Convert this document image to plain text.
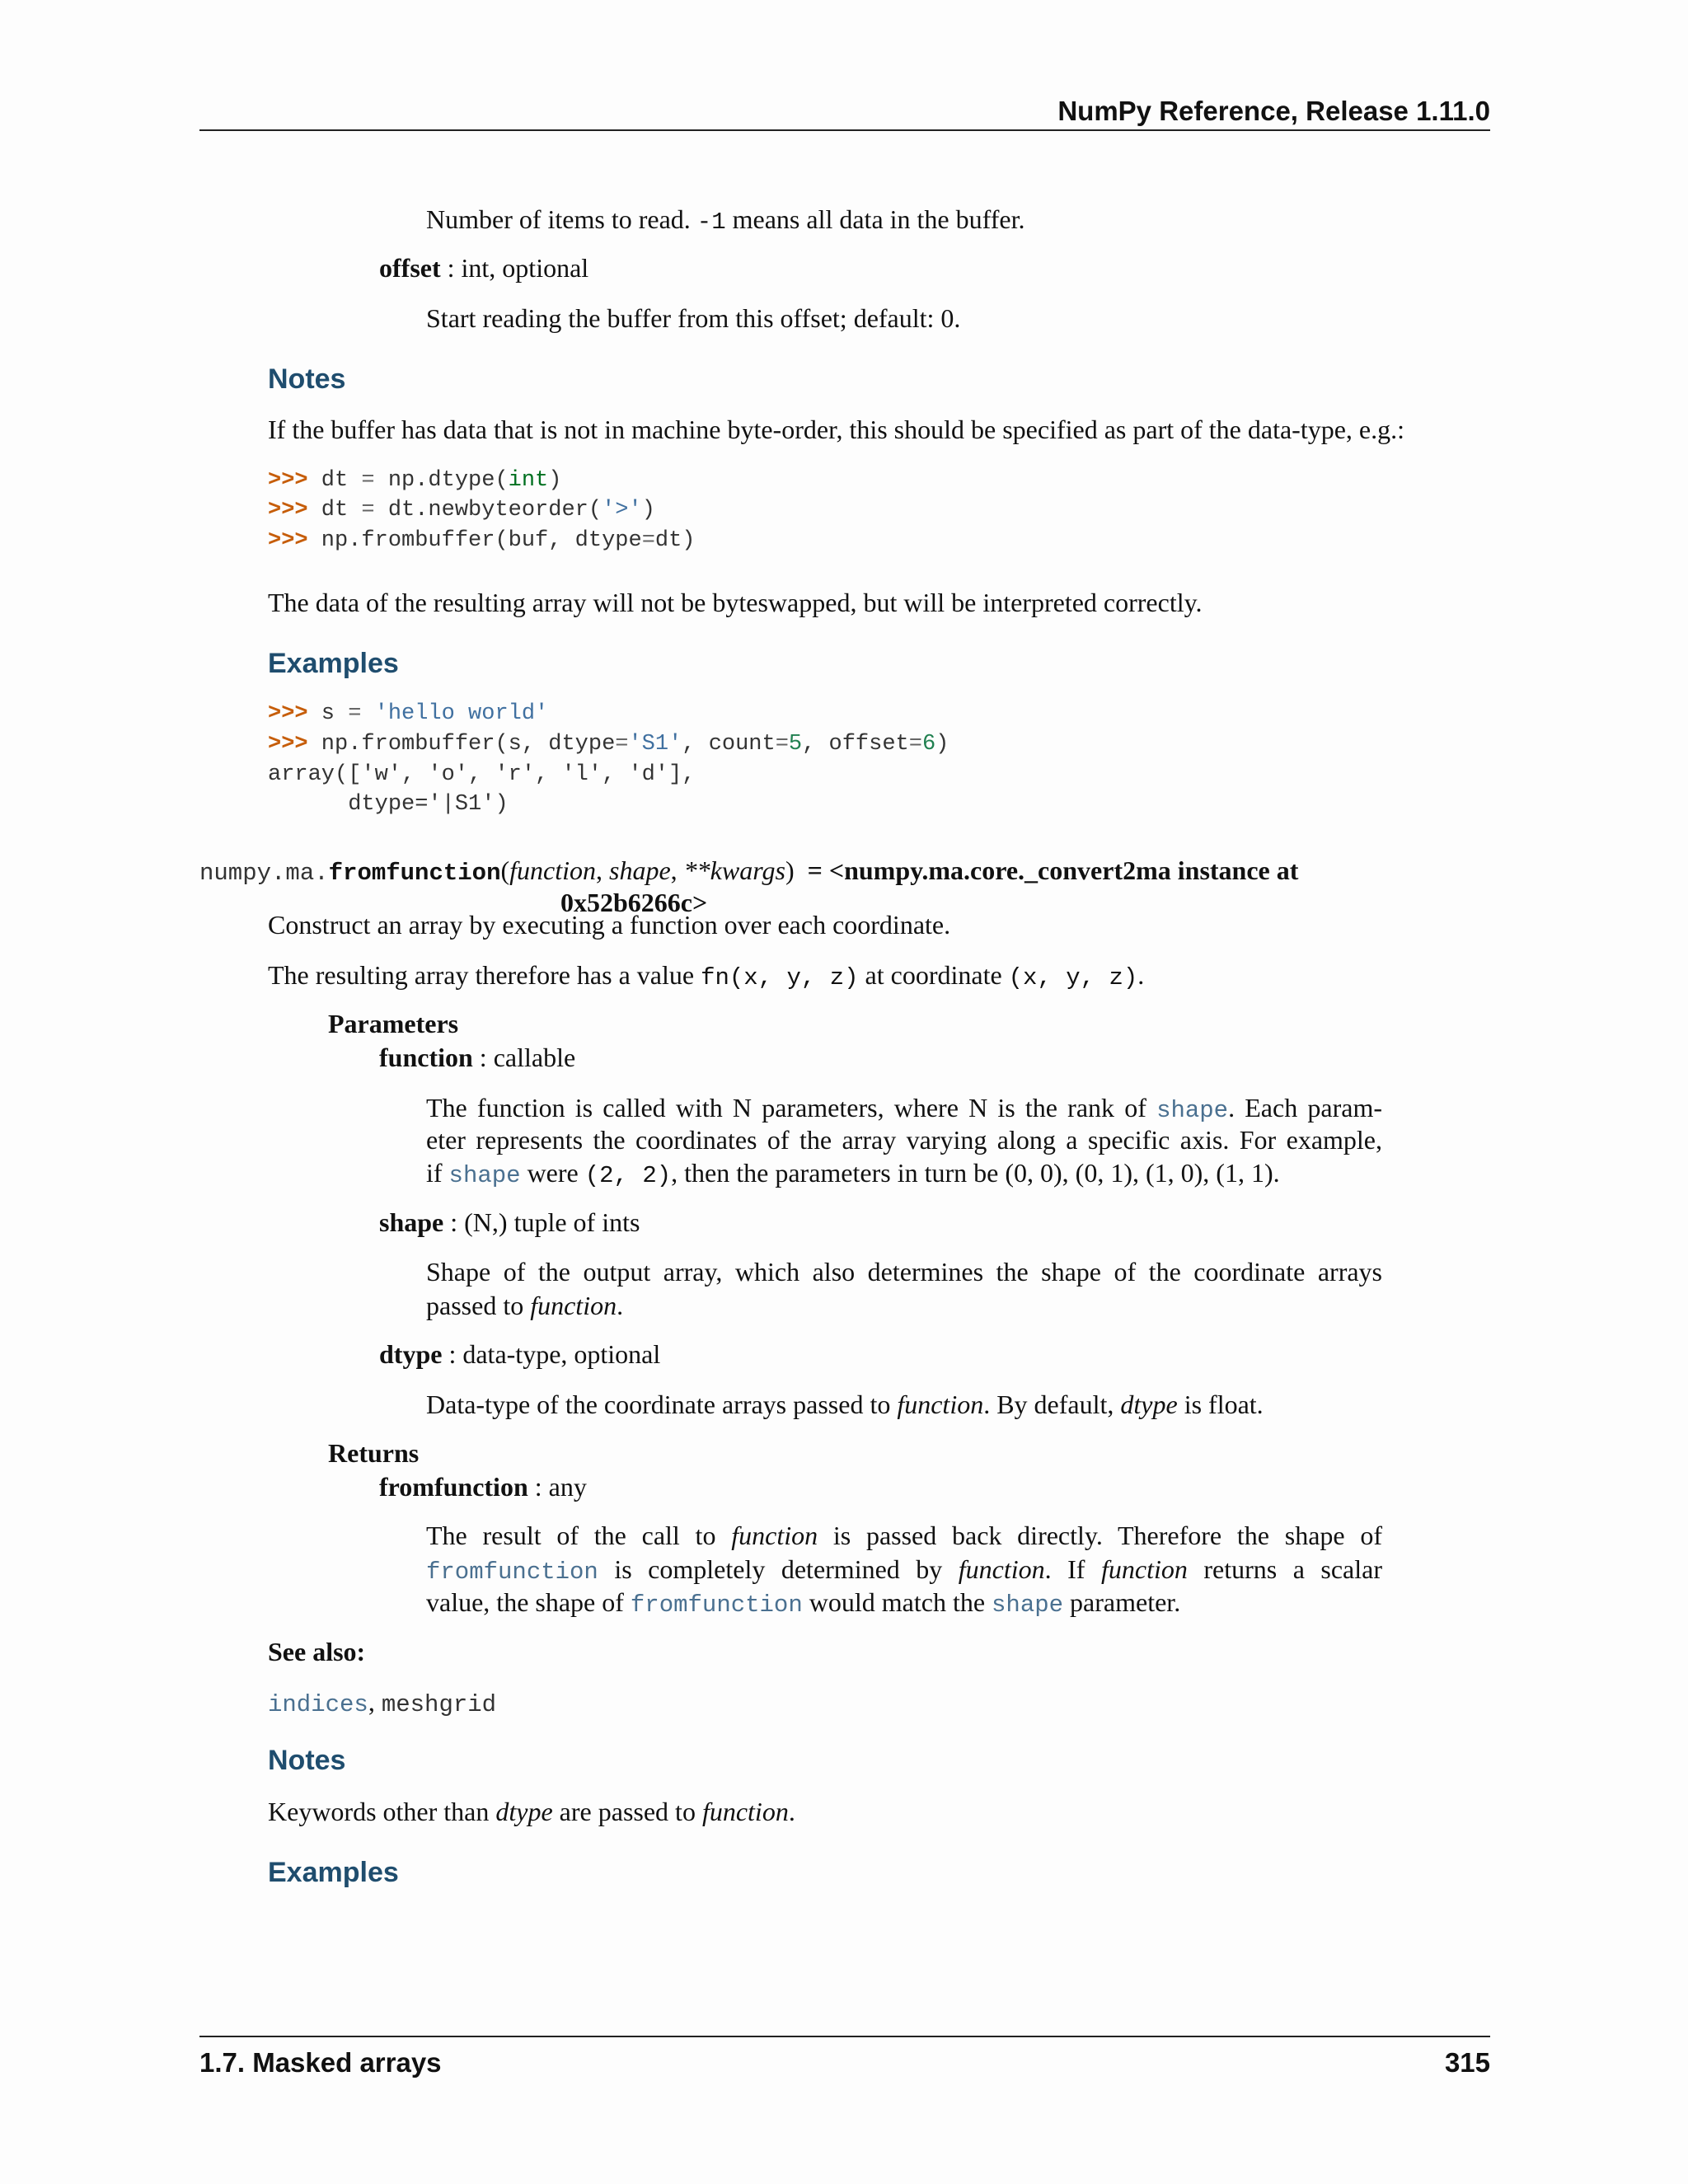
NumPy Reference, Release 1.11.0
Number of items to read. -1 means all data in the buffer.
offset : int, optional
Start reading the buffer from this offset; default: 0.
Notes
If the buffer has data that is not in machine byte-order, this should be specified as part of the data-type, e.g.:
>>> dt = np.dtype(int)
>>> dt = dt.newbyteorder('>')
>>> np.frombuffer(buf, dtype=dt)
The data of the resulting array will not be byteswapped, but will be interpreted correctly.
Examples
>>> s = 'hello world'
>>> np.frombuffer(s, dtype='S1', count=5, offset=6)
array(['w', 'o', 'r', 'l', 'd'],
dtype='|S1')
numpy.ma.fromfunction(function, shape, **kwargs)  = <numpy.ma.core._convert2ma instance at
0x52b6266c>
Construct an array by executing a function over each coordinate.
The resulting array therefore has a value fn(x, y, z) at coordinate (x, y, z).
Parameters
function : callable
The function is called with N parameters, where N is the rank of shape. Each param-
eter represents the coordinates of the array varying along a specific axis. For example,
if shape were (2, 2), then the parameters in turn be (0, 0), (0, 1), (1, 0), (1, 1).
shape : (N,) tuple of ints
Shape of the output array, which also determines the shape of the coordinate arrays
passed to function.
dtype : data-type, optional
Data-type of the coordinate arrays passed to function. By default, dtype is float.
Returns
fromfunction : any
The result of the call to function is passed back directly. Therefore the shape of
fromfunction is completely determined by function. If function returns a scalar
value, the shape of fromfunction would match the shape parameter.
See also:
indices, meshgrid
Notes
Keywords other than dtype are passed to function.
Examples
1.7. Masked arrays	315
